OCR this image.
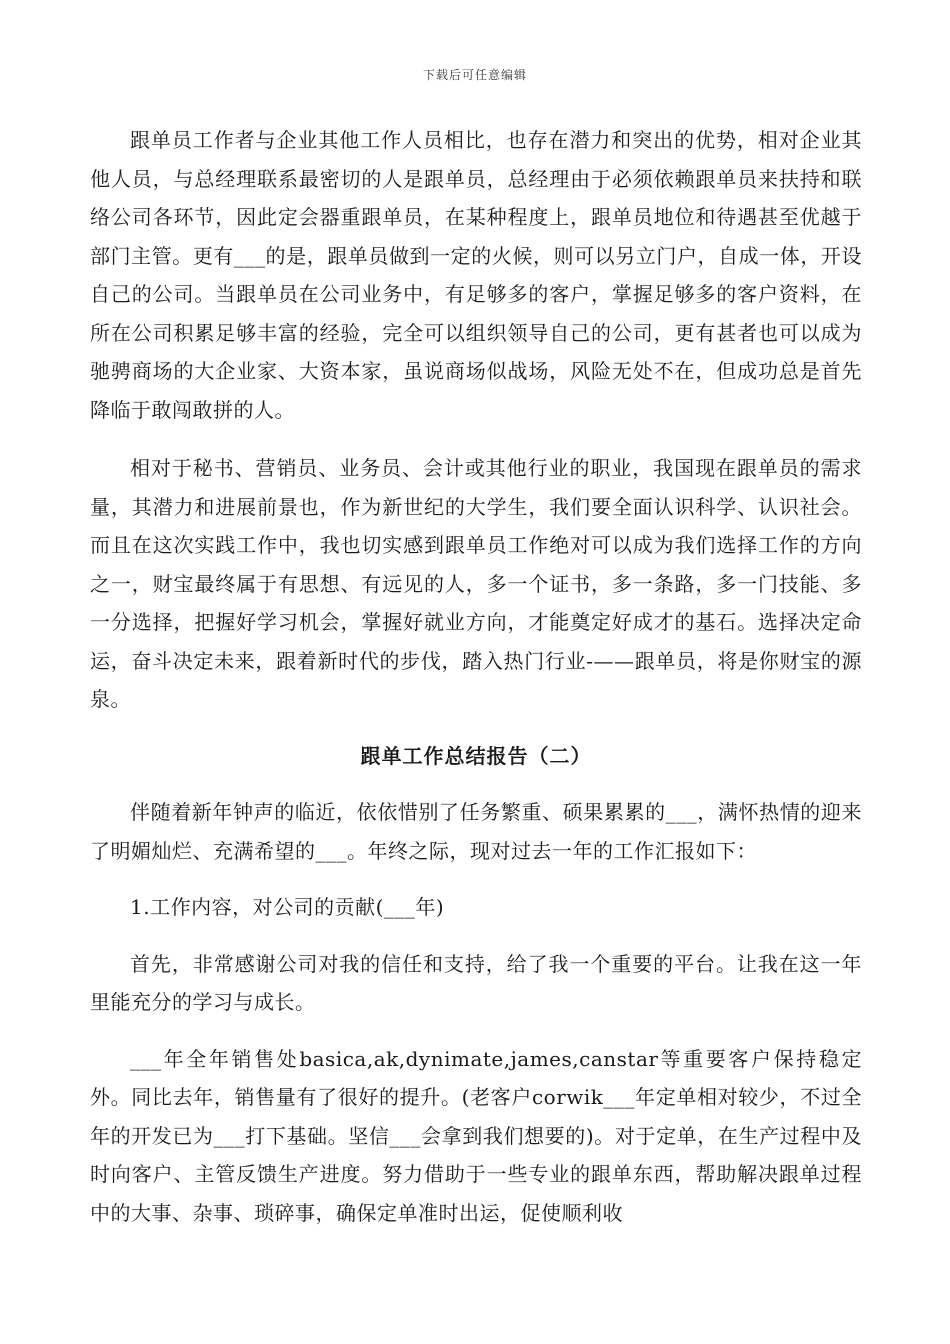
下载后可任意编辑

跟单员工作者与企业其他工作人员相比，也存在潜力和突出的优势，相对企业其他人员，与总经理联系最密切的人是跟单员，总经理由于必须依赖跟单员来扶持和联络公司各环节，因此定会器重跟单员，在某种程度上，跟单员地位和待遇甚至优越于部门主管。更有___的是，跟单员做到一定的火候，则可以另立门户，自成一体，开设自己的公司。当跟单员在公司业务中，有足够多的客户，掌握足够多的客户资料，在所在公司积累足够丰富的经验，完全可以组织领导自己的公司，更有甚者也可以成为驰骋商场的大企业家、大资本家，虽说商场似战场，风险无处不在，但成功总是首先降临于敢闯敢拼的人。

相对于秘书、营销员、业务员、会计或其他行业的职业，我国现在跟单员的需求量，其潜力和进展前景也，作为新世纪的大学生，我们要全面认识科学、认识社会。而且在这次实践工作中，我也切实感到跟单员工作绝对可以成为我们选择工作的方向之一，财宝最终属于有思想、有远见的人，多一个证书，多一条路，多一门技能、多一分选择，把握好学习机会，掌握好就业方向，才能奠定好成才的基石。选择决定命运，奋斗决定未来，跟着新时代的步伐，踏入热门行业-——跟单员，将是你财宝的源泉。

跟单工作总结报告（二）

伴随着新年钟声的临近，依依惜别了任务繁重、硕果累累的___，满怀热情的迎来了明媚灿烂、充满希望的___。年终之际，现对过去一年的工作汇报如下：

1.工作内容，对公司的贡献(___年)

首先，非常感谢公司对我的信任和支持，给了我一个重要的平台。让我在这一年里能充分的学习与成长。

___年全年销售处basica,ak,dynimate,james,canstar等重要客户保持稳定外。同比去年，销售量有了很好的提升。(老客户corwik___年定单相对较少，不过全年的开发已为___打下基础。坚信___会拿到我们想要的)。对于定单，在生产过程中及时向客户、主管反馈生产进度。努力借助于一些专业的跟单东西，帮助解决跟单过程中的大事、杂事、琐碎事，确保定单准时出运，促使顺利收
